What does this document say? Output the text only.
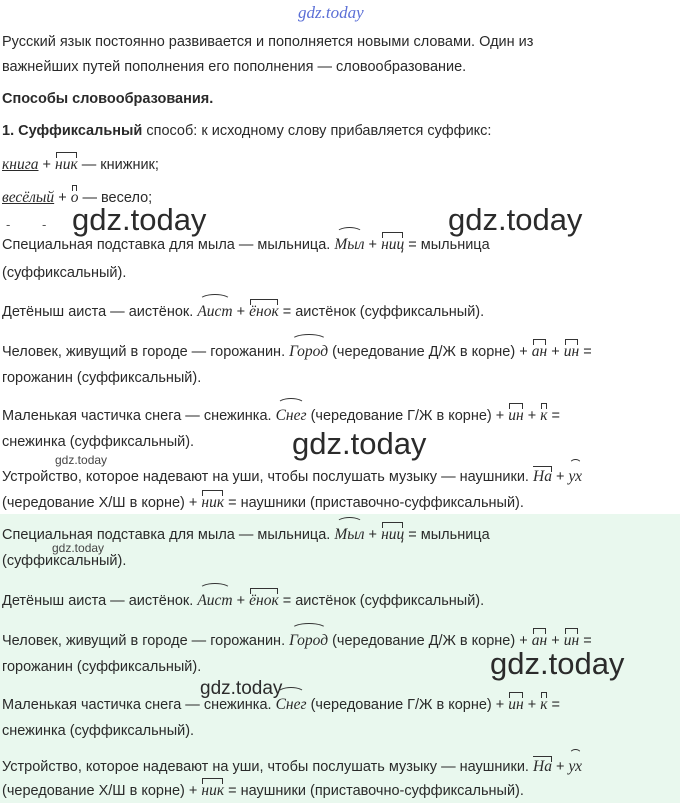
gdz.today
Русский язык постоянно развивается и пополняется новыми словами. Один из
важнейших путей пополнения его пополнения — словообразование.
Способы словообразования.
1. Суффиксальный способ: к исходному слову прибавляется суффикс:
книга + ник — книжник;
весёлый + о — весело;
- -
Специальная подставка для мыла — мыльница. Мыл + ниц = мыльница
(суффиксальный).
Детёныш аиста — аистёнок. Аист + ёнок = аистёнок (суффиксальный).
Человек, живущий в городе — горожанин. Город (чередование Д/Ж в корне) + ан + ин =
горожанин (суффиксальный).
Маленькая частичка снега — снежинка. Снег (чередование Г/Ж в корне) + ин + к =
снежинка (суффиксальный).
Устройство, которое надевают на уши, чтобы послушать музыку — наушники. На + ух
(чередование Х/Ш в корне) + ник = наушники (приставочно-суффиксальный).
Специальная подставка для мыла — мыльница. Мыл + ниц = мыльница
(суффиксальный).
Детёныш аиста — аистёнок. Аист + ёнок = аистёнок (суффиксальный).
Человек, живущий в городе — горожанин. Город (чередование Д/Ж в корне) + ан + ин =
горожанин (суффиксальный).
Маленькая частичка снега — снежинка. Снег (чередование Г/Ж в корне) + ин + к =
снежинка (суффиксальный).
Устройство, которое надевают на уши, чтобы послушать музыку — наушники. На + ух
(чередование Х/Ш в корне) + ник = наушники (приставочно-суффиксальный).
gdz.today	gdz.today
gdz.today
gdz.today
gdz.today
gdz.today
gdz.today
